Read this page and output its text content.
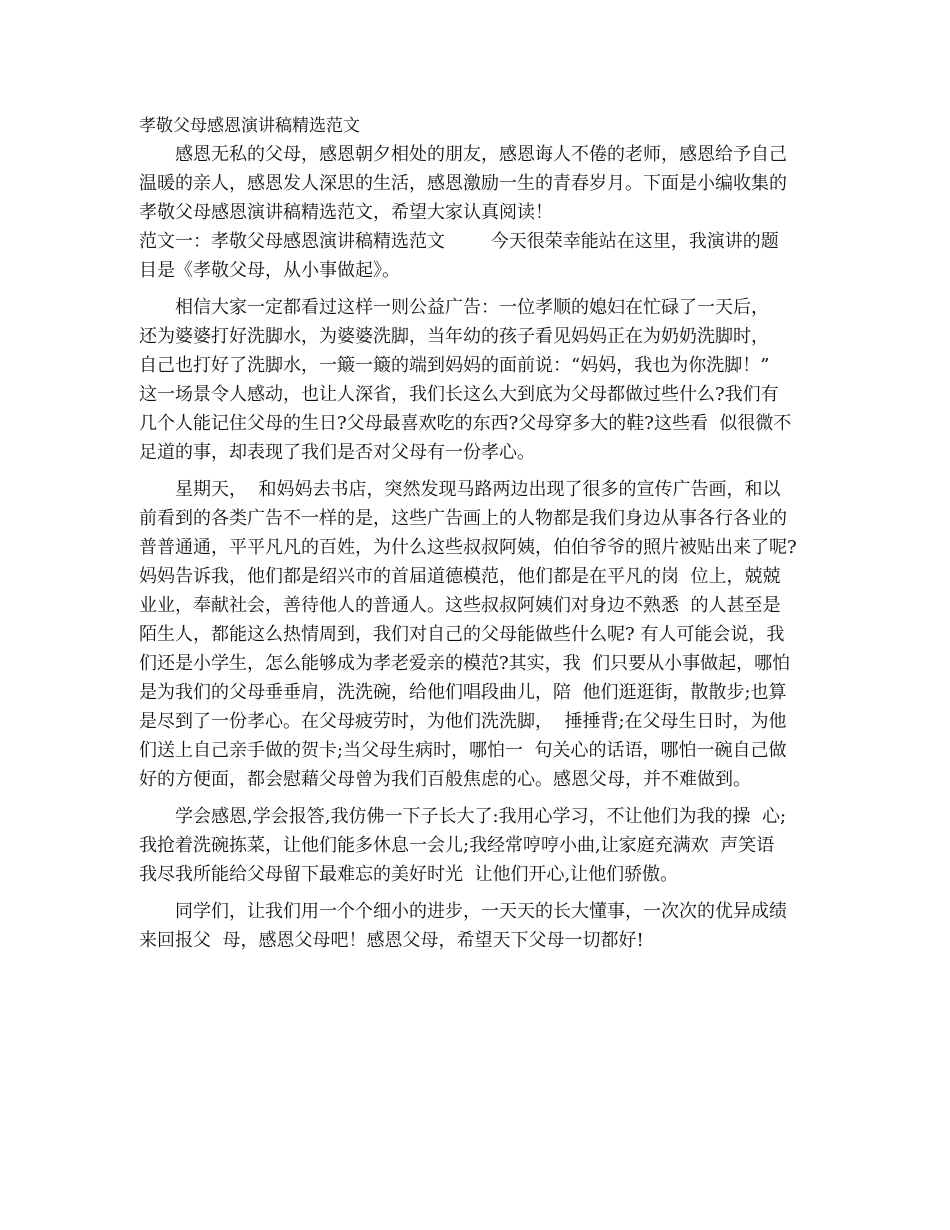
孝敬父母感恩演讲稿精选范文
感恩无私的父母，感恩朝夕相处的朋友，感恩诲人不倦的老师，感恩给予自己
温暖的亲人，感恩发人深思的生活，感恩激励一生的青春岁月。下面是小编收集的
孝敬父母感恩演讲稿精选范文，希望大家认真阅读！
范文一：孝敬父母感恩演讲稿精选范文        今天很荣幸能站在这里，我演讲的题
目是《孝敬父母，从小事做起》。
相信大家一定都看过这样一则公益广告：一位孝顺的媳妇在忙碌了一天后，
还为婆婆打好洗脚水，为婆婆洗脚，当年幼的孩子看见妈妈正在为奶奶洗脚时，
自己也打好了洗脚水，一簸一簸的端到妈妈的面前说：“妈妈，我也为你洗脚！”
这一场景令人感动，也让人深省，我们长这么大到底为父母都做过些什么?我们有
几个人能记住父母的生日?父母最喜欢吃的东西?父母穿多大的鞋?这些看  似很微不
足道的事，却表现了我们是否对父母有一份孝心。
星期天，  和妈妈去书店，突然发现马路两边出现了很多的宣传广告画，和以
前看到的各类广告不一样的是，这些广告画上的人物都是我们身边从事各行各业的
普普通通，平平凡凡的百姓，为什么这些叔叔阿姨，伯伯爷爷的照片被贴出来了呢?
妈妈告诉我，他们都是绍兴市的首届道德模范，他们都是在平凡的岗  位上，兢兢
业业，奉献社会，善待他人的普通人。这些叔叔阿姨们对身边不熟悉  的人甚至是
陌生人，都能这么热情周到，我们对自己的父母能做些什么呢? 有人可能会说，我
们还是小学生，怎么能够成为孝老爱亲的模范?其实，我  们只要从小事做起，哪怕
是为我们的父母垂垂肩，洗洗碗，给他们唱段曲儿，陪  他们逛逛街，散散步;也算
是尽到了一份孝心。在父母疲劳时，为他们洗洗脚，  捶捶背;在父母生日时，为他
们送上自己亲手做的贺卡;当父母生病时，哪怕一  句关心的话语，哪怕一碗自己做
好的方便面，都会慰藉父母曾为我们百般焦虑的心。感恩父母，并不难做到。
学会感恩,学会报答,我仿佛一下子长大了:我用心学习，不让他们为我的操  心;
我抢着洗碗拣菜，让他们能多休息一会儿;我经常哼哼小曲,让家庭充满欢  声笑语
我尽我所能给父母留下最难忘的美好时光  让他们开心,让他们骄傲。
同学们，让我们用一个个细小的进步，一天天的长大懂事，一次次的优异成绩
来回报父  母，感恩父母吧！感恩父母，希望天下父母一切都好!
